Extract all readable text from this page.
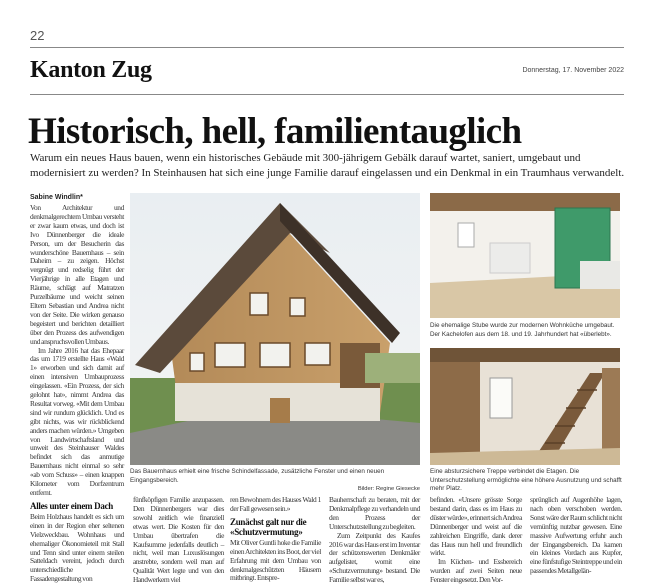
22
Kanton Zug	Donnerstag, 17. November 2022
Historisch, hell, familientauglich
Warum ein neues Haus bauen, wenn ein historisches Gebäude mit 300-jährigem Gebälk darauf wartet, saniert, umgebaut und modernisiert zu werden? In Steinhausen hat sich eine junge Familie darauf eingelassen und ein Denkmal in ein Traumhaus verwandelt.
Sabine Windlin*

Von Architektur und denkmalgerechtem Umbau versteht er zwar kaum etwas, und doch ist Ivo Dünnenberger die ideale Person, um der Besucherin das wunderschöne Bauernhaus – sein Daheim – zu zeigen. Höchst vergnügt und redselig führt der Vierjährige in alle Etagen und Räume, schlägt auf Matratzen Purzelbäume und weicht seinen Eltern Sebastian und Andrea nicht von der Seite. Die wirken genauso begeistert und berichten detailliert über den Prozess des aufwendigen und anspruchsvollen Umbaus.

Im Jahre 2016 hat das Ehepaar das um 1719 erstellte Haus «Wald 1» erworben und sich damit auf einen intensiven Umbauprozess eingelassen. «Ein Prozess, der sich gelohnt hat», nimmt Andrea das Resultat vorweg. «Mit dem Umbau sind wir rundum glücklich. Und es gibt nichts, was wir rückblickend anders machen würden.» Umgeben von Landwirtschaftsland und unweit des Steinhauser Waldes befindet sich das anmutige Bauernhaus nicht einmal so sehr «ab vom Schuss» – einen knappen Kilometer vom Dorfzentrum entfernt.

Alles unter einem Dach

Beim Holzhaus handelt es sich um einen in der Region eher seltenen Vielzweckbau. Wohnhaus und ehemaliger Ökonomieteil mit Stall und Tenn sind unter einem steilen Satteldach vereint, jedoch durch unterschiedliche Fassadengestaltung von

Das Bauernhaus erhielt eine frische Schindelfassade, zusätzliche Fenster und einen neuen Eingangsbereich.
Bilder: Regine Giesecke
Die ehemalige Stube wurde zur modernen Wohnküche umgebaut. Der Kachelofen aus dem 18. und 19. Jahrhundert hat «überlebt».
Eine absturzsichere Treppe verbindet die Etagen. Die Unterschutzstellung ermöglichte eine höhere Ausnutzung und schafft mehr Platz.

fünfköpfigen Familie anzupassen. Den Dünnenbergers war dies sowohl zeitlich wie finanziell etwas wert. Die Kosten für den Umbau übertrafen die Kaufsumme jedenfalls deutlich – nicht, weil man Luxuslösungen anstrebte, sondern weil man auf Qualität Wert legte und von den Handwerkern viel

ren Bewohnern des Hauses Wald 1 der Fall gewesen sein.»

Zunächst galt nur die «Schutzvermutung»

Mit Oliver Guntli hoke die Familie einen Architekten ins Boot, der viel Erfahrung mit dem Umbau von denkmalgeschützten Häusern mitbringt. Entspre-

Bauherrschaft zu beraten, mit der Denkmalpflege zu verhandeln und den Prozess der Unterschutzstellung zu begleiten.

Zum Zeitpunkt des Kaufes 2016 war das Haus erst im Inventar der schützenswerten Denkmäler aufgelistet, womit eine «Schutzvermutung» bestand. Die Familie selbst war es,

befinden. «Unsere grösste Sorge bestand darin, dass es im Haus zu düster würde», erinnert sich Andrea Dünnenberger und weist auf die zahlreichen Eingriffe, dank derer das Haus nun hell und freundlich wirkt.

Im Küchen- und Essbereich wurden auf zwei Seiten neue Fenster eingesetzt. Den Vor-

sprünglich auf Augenhöhe lagen, nach oben verschoben werden. Sonst wäre der Raum schlicht nicht vernünftig nutzbar gewesen. Eine massive Aufwertung erfuhr auch der Eingangsbereich. Da kamen ein kleines Vordach aus Kupfer, eine fünfstufige Steintreppe und ein passendes Metallgelän-
